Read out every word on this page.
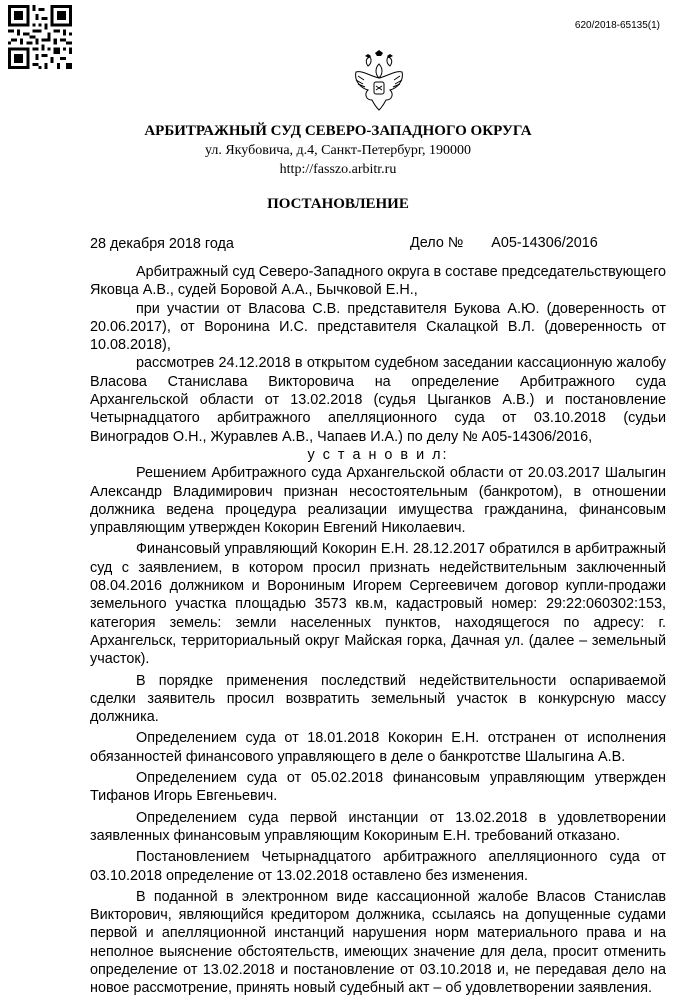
620/2018-65135(1)
АРБИТРАЖНЫЙ СУД СЕВЕРО-ЗАПАДНОГО ОКРУГА
ул. Якубовича, д.4, Санкт-Петербург, 190000
http://fasszo.arbitr.ru
ПОСТАНОВЛЕНИЕ
28 декабря 2018 года	Дело № А05-14306/2016

Арбитражный суд Северо-Западного округа в составе председательствующего Яковца А.В., судей Боровой А.А., Бычковой Е.Н.,

при участии от Власова С.В. представителя Букова А.Ю. (доверенность от 20.06.2017), от Воронина И.С. представителя Скалацкой В.Л. (доверенность от 10.08.2018),

рассмотрев 24.12.2018 в открытом судебном заседании кассационную жалобу Власова Станислава Викторовича на определение Арбитражного суда Архангельской области от 13.02.2018 (судья Цыганков А.В.) и постановление Четырнадцатого арбитражного апелляционного суда от 03.10.2018 (судьи Виноградов О.Н., Журавлев А.В., Чапаев И.А.) по делу № А05-14306/2016,

у с т а н о в и л:

Решением Арбитражного суда Архангельской области от 20.03.2017 Шалыгин Александр Владимирович признан несостоятельным (банкротом), в отношении должника ведена процедура реализации имущества гражданина, финансовым управляющим утвержден Кокорин Евгений Николаевич.

Финансовый управляющий Кокорин Е.Н. 28.12.2017 обратился в арбитражный суд с заявлением, в котором просил признать недействительным заключенный 08.04.2016 должником и Ворониным Игорем Сергеевичем договор купли-продажи земельного участка площадью 3573 кв.м, кадастровый номер: 29:22:060302:153, категория земель: земли населенных пунктов, находящегося по адресу: г. Архангельск, территориальный округ Майская горка, Дачная ул. (далее – земельный участок).

В порядке применения последствий недействительности оспариваемой сделки заявитель просил возвратить земельный участок в конкурсную массу должника.

Определением суда от 18.01.2018 Кокорин Е.Н. отстранен от исполнения обязанностей финансового управляющего в деле о банкротстве Шалыгина А.В.

Определением суда от 05.02.2018 финансовым управляющим утвержден Тифанов Игорь Евгеньевич.

Определением суда первой инстанции от 13.02.2018 в удовлетворении заявленных финансовым управляющим Кокориным Е.Н. требований отказано.

Постановлением Четырнадцатого арбитражного апелляционного суда от 03.10.2018 определение от 13.02.2018 оставлено без изменения.

В поданной в электронном виде кассационной жалобе Власов Станислав Викторович, являющийся кредитором должника, ссылаясь на допущенные судами первой и апелляционной инстанций нарушения норм материального права и на неполное выяснение обстоятельств, имеющих значение для дела, просит отменить определение от 13.02.2018 и постановление от 03.10.2018 и, не передавая дело на новое рассмотрение, принять новый судебный акт – об удовлетворении заявления.
